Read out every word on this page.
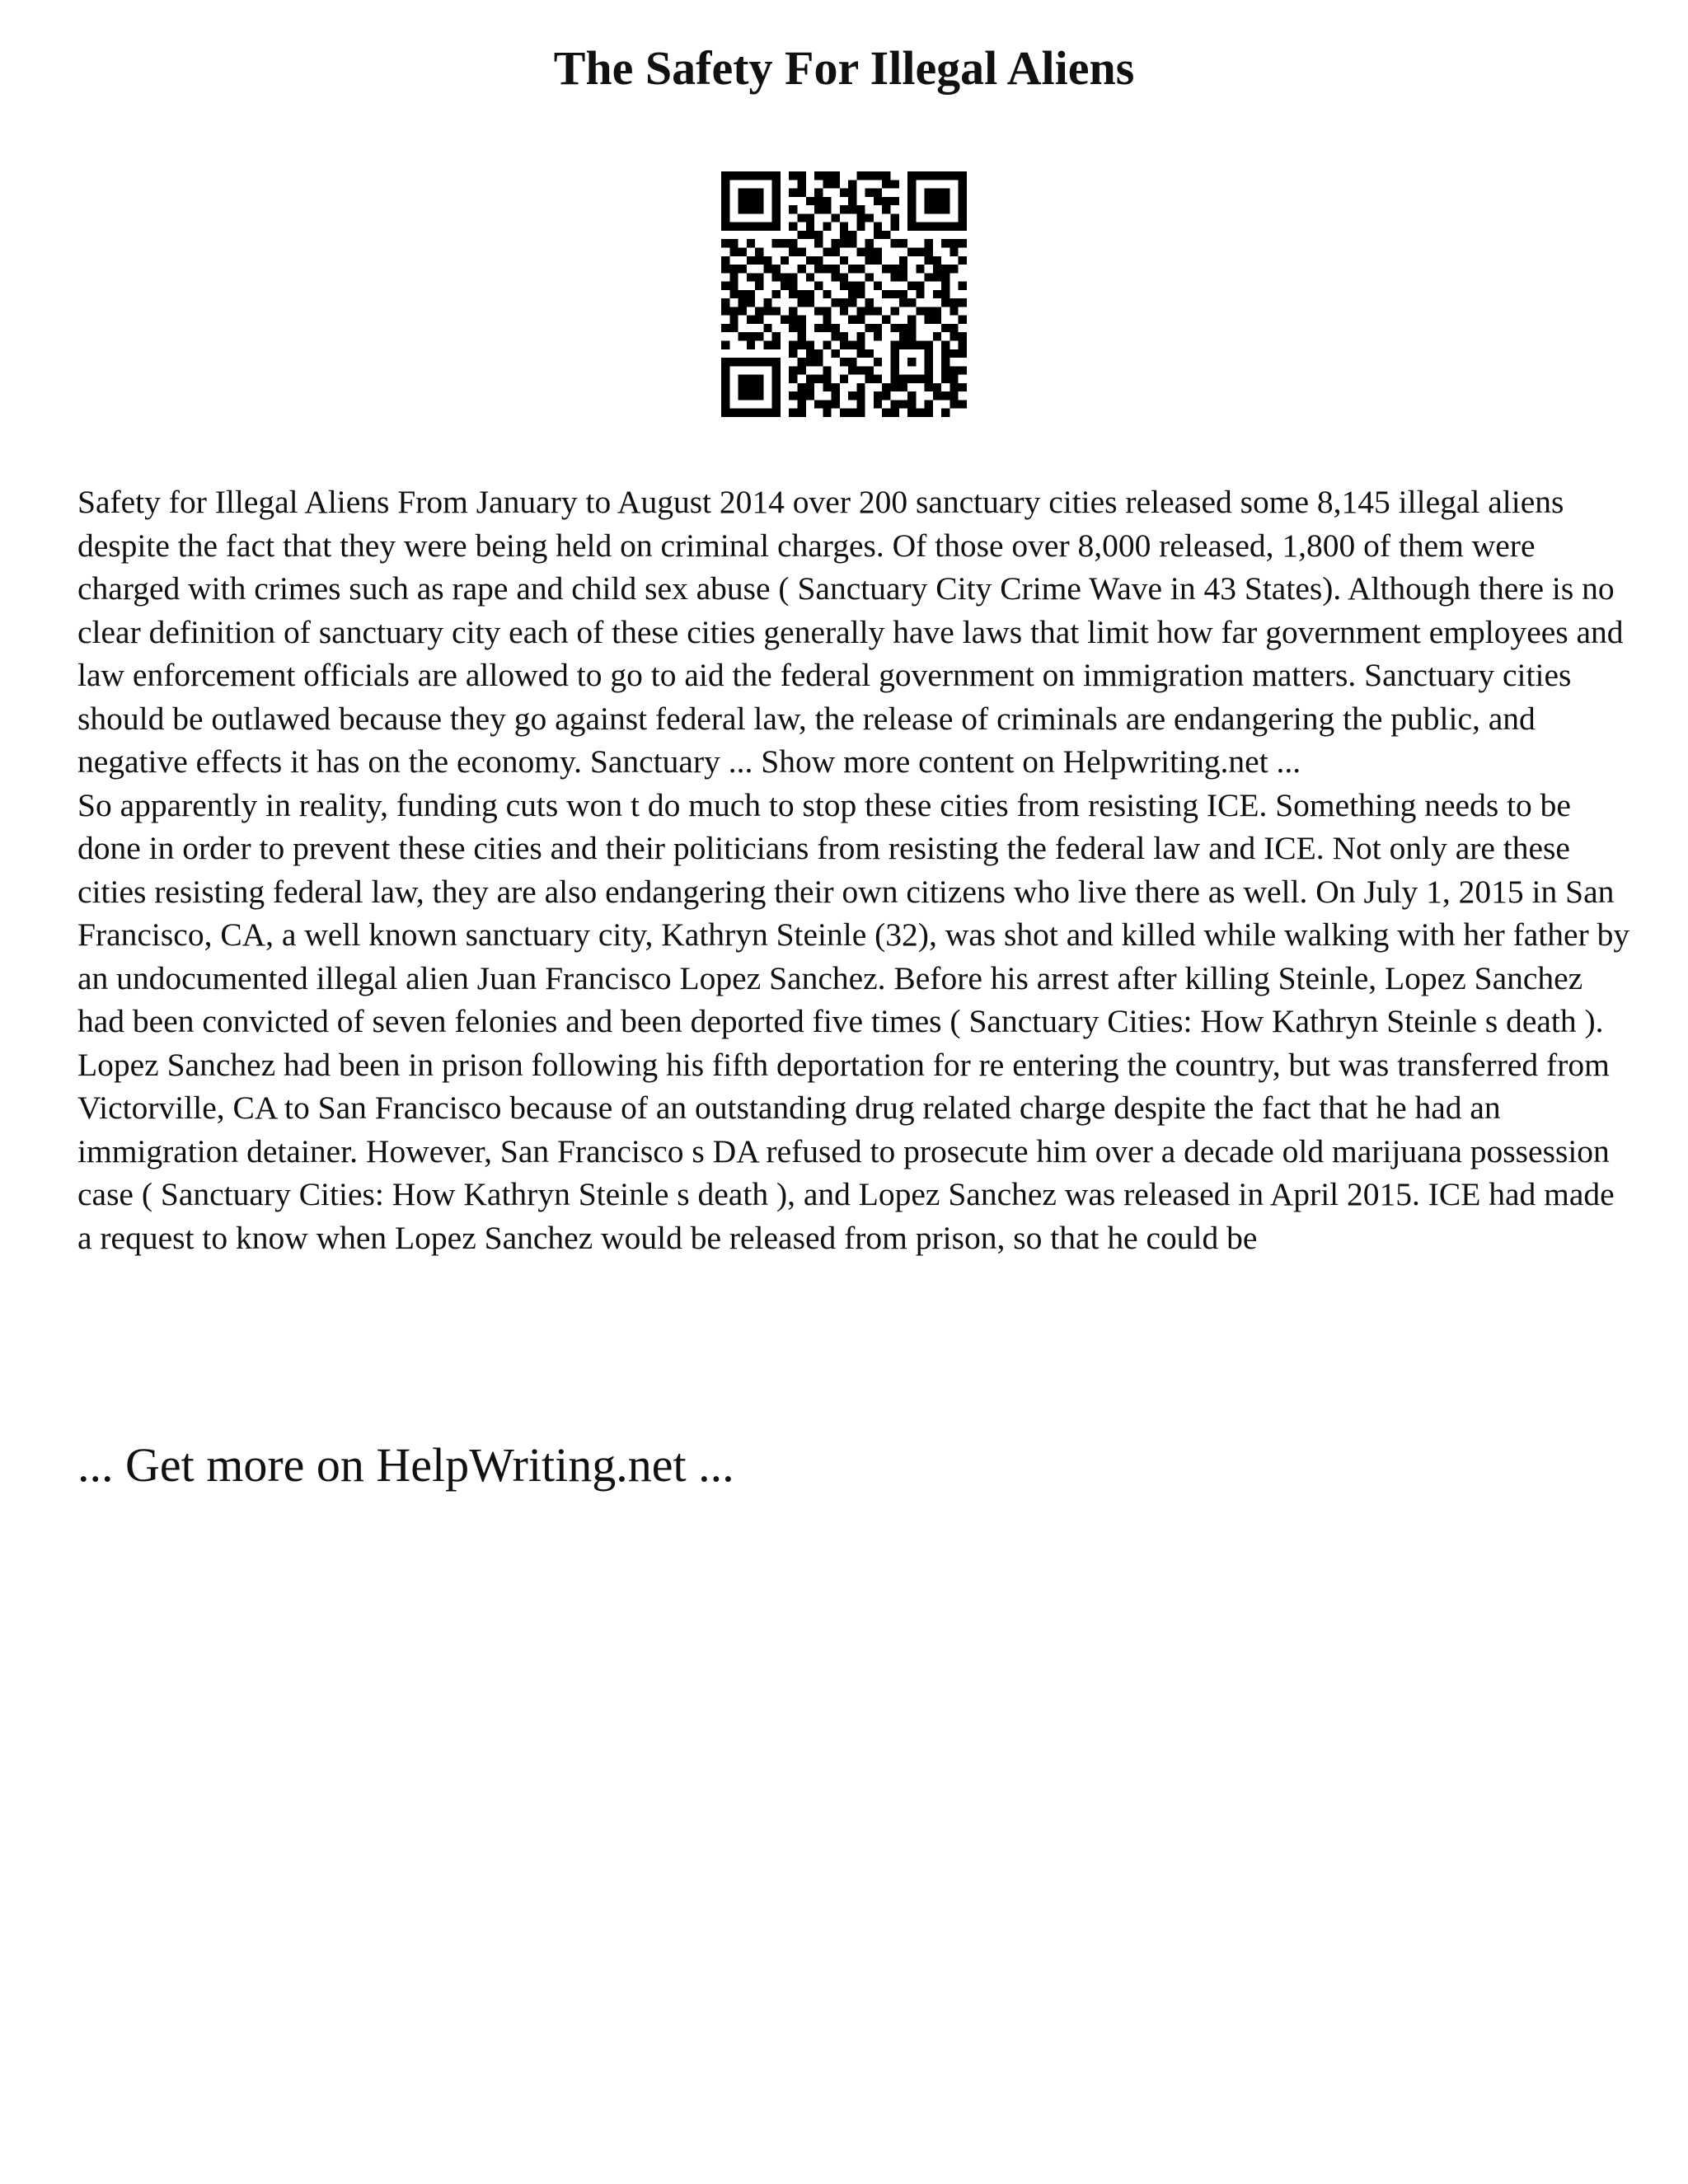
The Safety For Illegal Aliens

Safety for Illegal Aliens From January to August 2014 over 200 sanctuary cities released some 8,145 illegal aliens despite the fact that they were being held on criminal charges. Of those over 8,000 released, 1,800 of them were charged with crimes such as rape and child sex abuse ( Sanctuary City Crime Wave in 43 States). Although there is no clear definition of sanctuary city each of these cities generally have laws that limit how far government employees and law enforcement officials are allowed to go to aid the federal government on immigration matters. Sanctuary cities should be outlawed because they go against federal law, the release of criminals are endangering the public, and negative effects it has on the economy. Sanctuary ... Show more content on Helpwriting.net ...

So apparently in reality, funding cuts won t do much to stop these cities from resisting ICE. Something needs to be done in order to prevent these cities and their politicians from resisting the federal law and ICE. Not only are these cities resisting federal law, they are also endangering their own citizens who live there as well. On July 1, 2015 in San Francisco, CA, a well known sanctuary city, Kathryn Steinle (32), was shot and killed while walking with her father by an undocumented illegal alien Juan Francisco Lopez Sanchez. Before his arrest after killing Steinle, Lopez Sanchez had been convicted of seven felonies and been deported five times ( Sanctuary Cities: How Kathryn Steinle s death ). Lopez Sanchez had been in prison following his fifth deportation for re entering the country, but was transferred from Victorville, CA to San Francisco because of an outstanding drug related charge despite the fact that he had an immigration detainer. However, San Francisco s DA refused to prosecute him over a decade old marijuana possession case ( Sanctuary Cities: How Kathryn Steinle s death ), and Lopez Sanchez was released in April 2015. ICE had made a request to know when Lopez Sanchez would be released from prison, so that he could be

... Get more on HelpWriting.net ...
